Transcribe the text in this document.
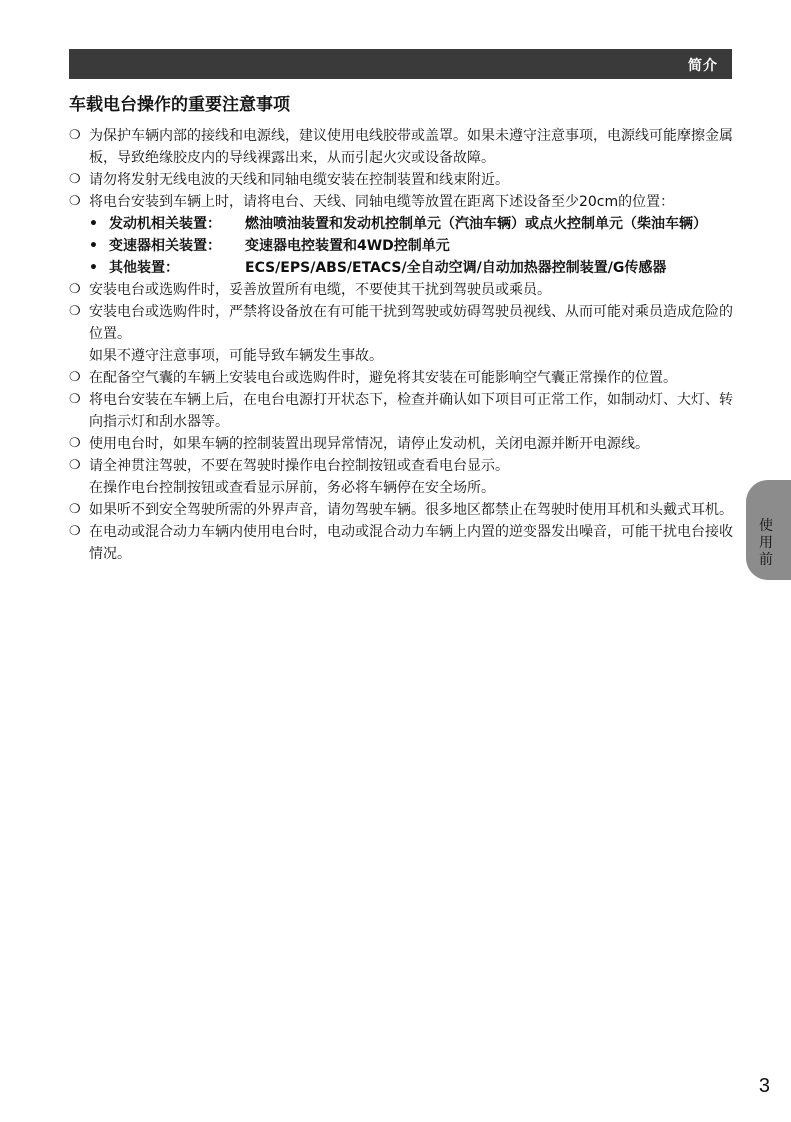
简介
车载电台操作的重要注意事项
❍ 为保护车辆内部的接线和电源线，建议使用电线胶带或盖罩。如果未遵守注意事项，电源线可能摩擦金属板，导致绝缘胶皮内的导线裸露出来，从而引起火灾或设备故障。
❍ 请勿将发射无线电波的天线和同轴电缆安装在控制装置和线束附近。
❍ 将电台安装到车辆上时，请将电台、天线、同轴电缆等放置在距离下述设备至少20cm的位置：
• 发动机相关装置：	燃油喷油装置和发动机控制单元（汽油车辆）或点火控制单元（柴油车辆）
• 变速器相关装置：	变速器电控装置和4WD控制单元
• 其他装置：	ECS/EPS/ABS/ETACS/全自动空调/自动加热器控制装置/G传感器
❍ 安装电台或选购件时，妥善放置所有电缆，不要使其干扰到驾驶员或乘员。
❍ 安装电台或选购件时，严禁将设备放在有可能干扰到驾驶或妨碍驾驶员视线、从而可能对乘员造成危险的位置。
如果不遵守注意事项，可能导致车辆发生事故。
❍ 在配备空气囊的车辆上安装电台或选购件时，避免将其安装在可能影响空气囊正常操作的位置。
❍ 将电台安装在车辆上后，在电台电源打开状态下，检查并确认如下项目可正常工作，如制动灯、大灯、转向指示灯和刮水器等。
❍ 使用电台时，如果车辆的控制装置出现异常情况，请停止发动机，关闭电源并断开电源线。
❍ 请全神贯注驾驶，不要在驾驶时操作电台控制按钮或查看电台显示。
在操作电台控制按钮或查看显示屏前，务必将车辆停在安全场所。
❍ 如果听不到安全驾驶所需的外界声音，请勿驾驶车辆。很多地区都禁止在驾驶时使用耳机和头戴式耳机。
❍ 在电动或混合动力车辆内使用电台时，电动或混合动力车辆上内置的逆变器发出噪音，可能干扰电台接收情况。
使
用
前
3
